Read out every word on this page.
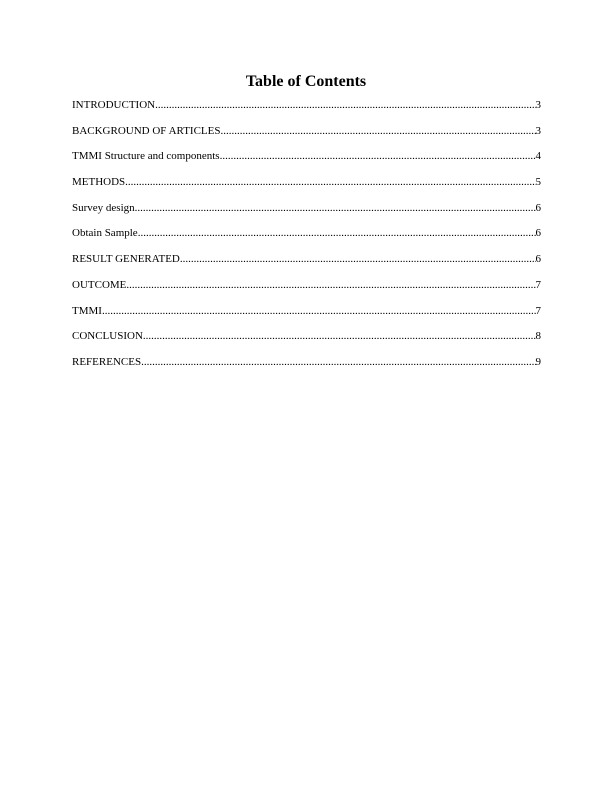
Table of Contents
INTRODUCTION .....	3
BACKGROUND OF ARTICLES .....	3
TMMI Structure and components .....	4
METHODS .....	5
Survey design .....	6
Obtain Sample .....	6
RESULT GENERATED .....	6
OUTCOME .....	7
TMMI .....	7
CONCLUSION .....	8
REFERENCES .....	9
